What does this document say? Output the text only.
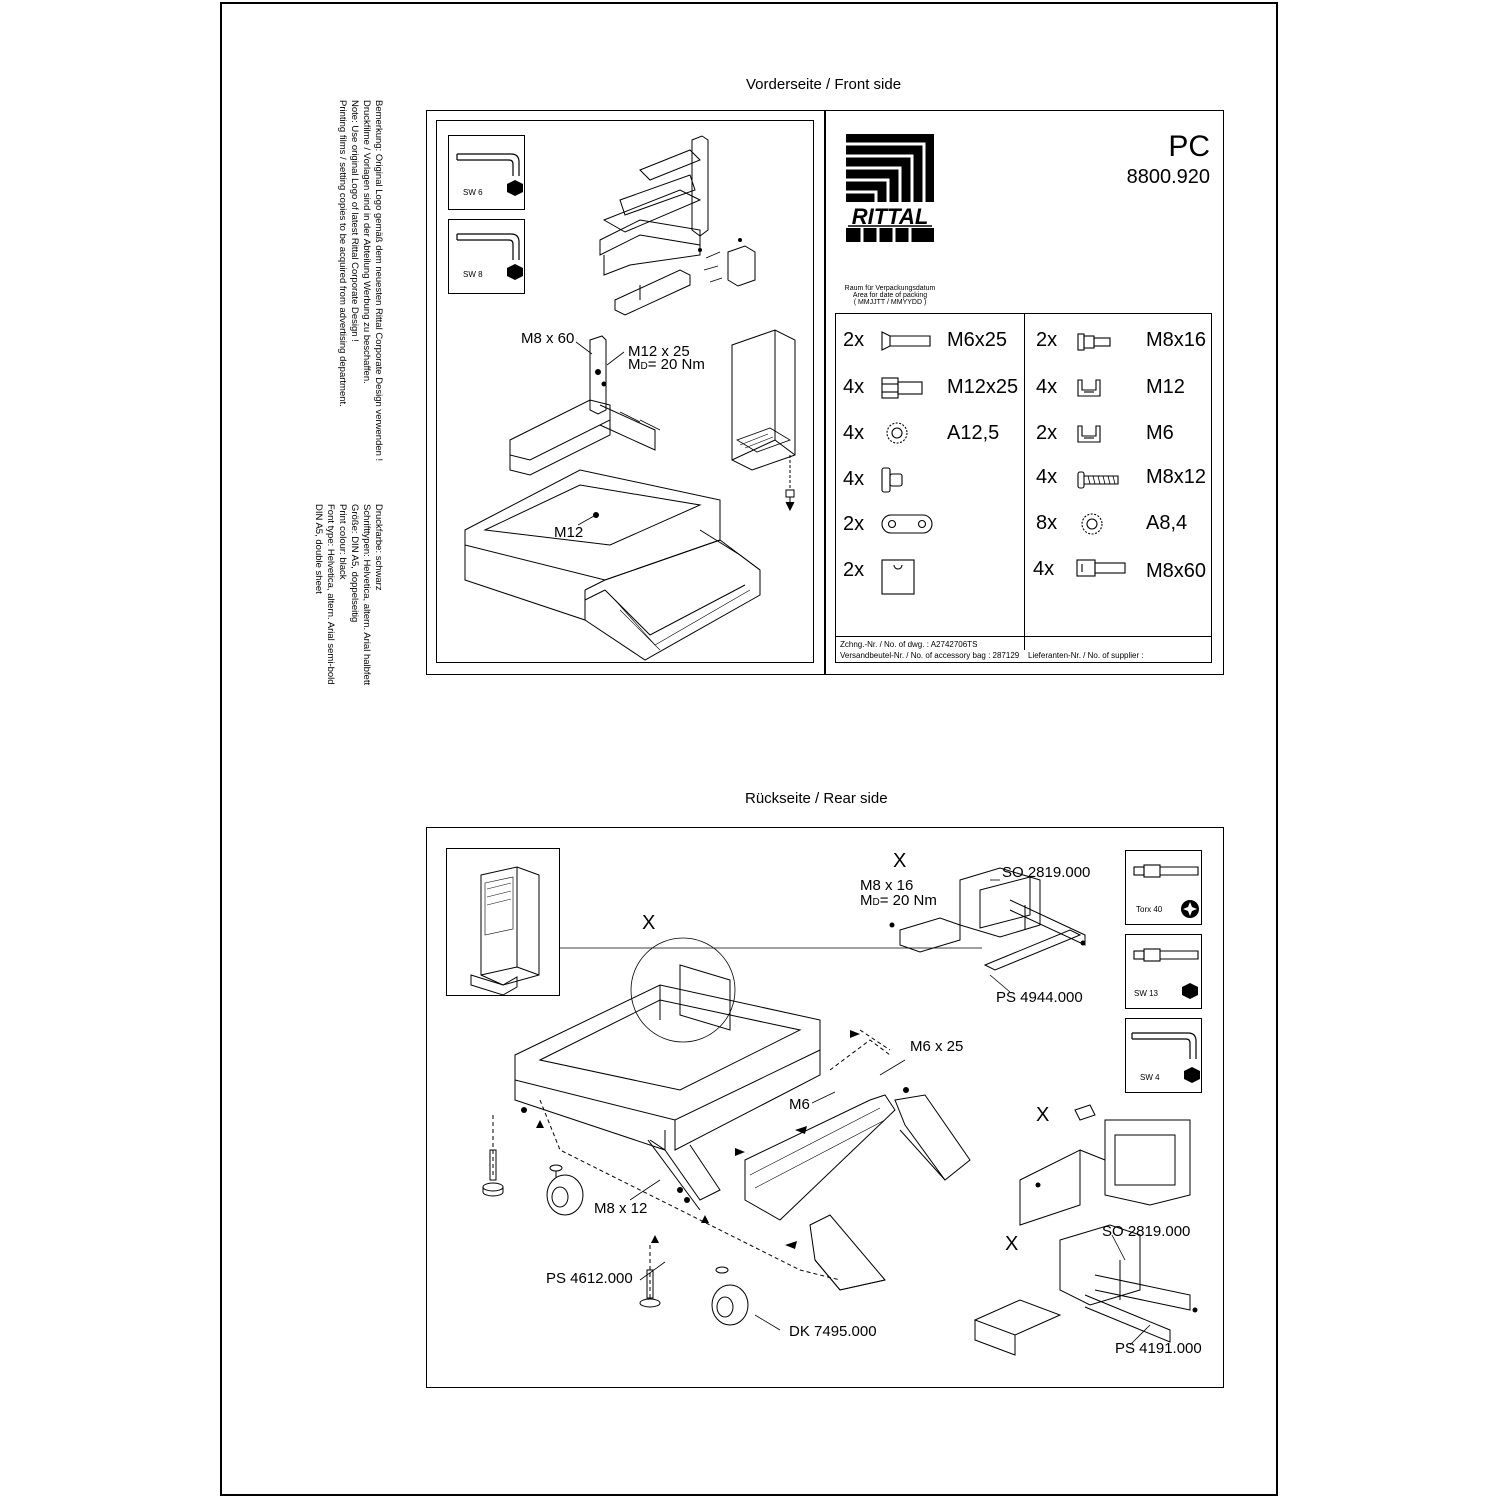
Bemerkung: Original Logo gemäß dem neuesten Rittal Corporate Design verwenden !
Druckfilme / Vorlagen sind in der Abteilung Werbung zu beschaffen.
Note: Use original Logo of latest Rittal Corporate Design !
Printing films / setting copies to be acquired from advertising department.
Druckfarbe: schwarz
Schrifttypen: Helvetica, altern. Arial halbfett
Größe: DIN A5, doppelseitig
Print colour: black
Font type: Helvetica, altern. Arial semi-bold
DIN A5, double sheet
Vorderseite / Front side
SW 6
SW 8
M8 x 60
M12 x 25
MD= 20 Nm
M12
RITTAL
PC
8800.920
Raum für Verpackungsdatum
Area for date of packing
( MMJJTT / MMYYDD )
2x	M6x25
4x	M12x25
4x	A12,5
4x
2x
2x
2x	M8x16
4x	M12
2x	M6
4x	M8x12
8x	A8,4
4x	M8x60
Zchng.-Nr. / No. of dwg. : A2742706TS
Versandbeutel-Nr. / No. of accessory bag : 287129 Lieferanten-Nr. / No. of supplier :
Rückseite / Rear side
Torx 40
SW 13
SW 4
X
X
X
X
M8 x 16
MD= 20 Nm
SO 2819.000
PS 4944.000
M6 x 25
M6
M8 x 12
PS 4612.000
DK 7495.000
SO 2819.000
PS 4191.000
